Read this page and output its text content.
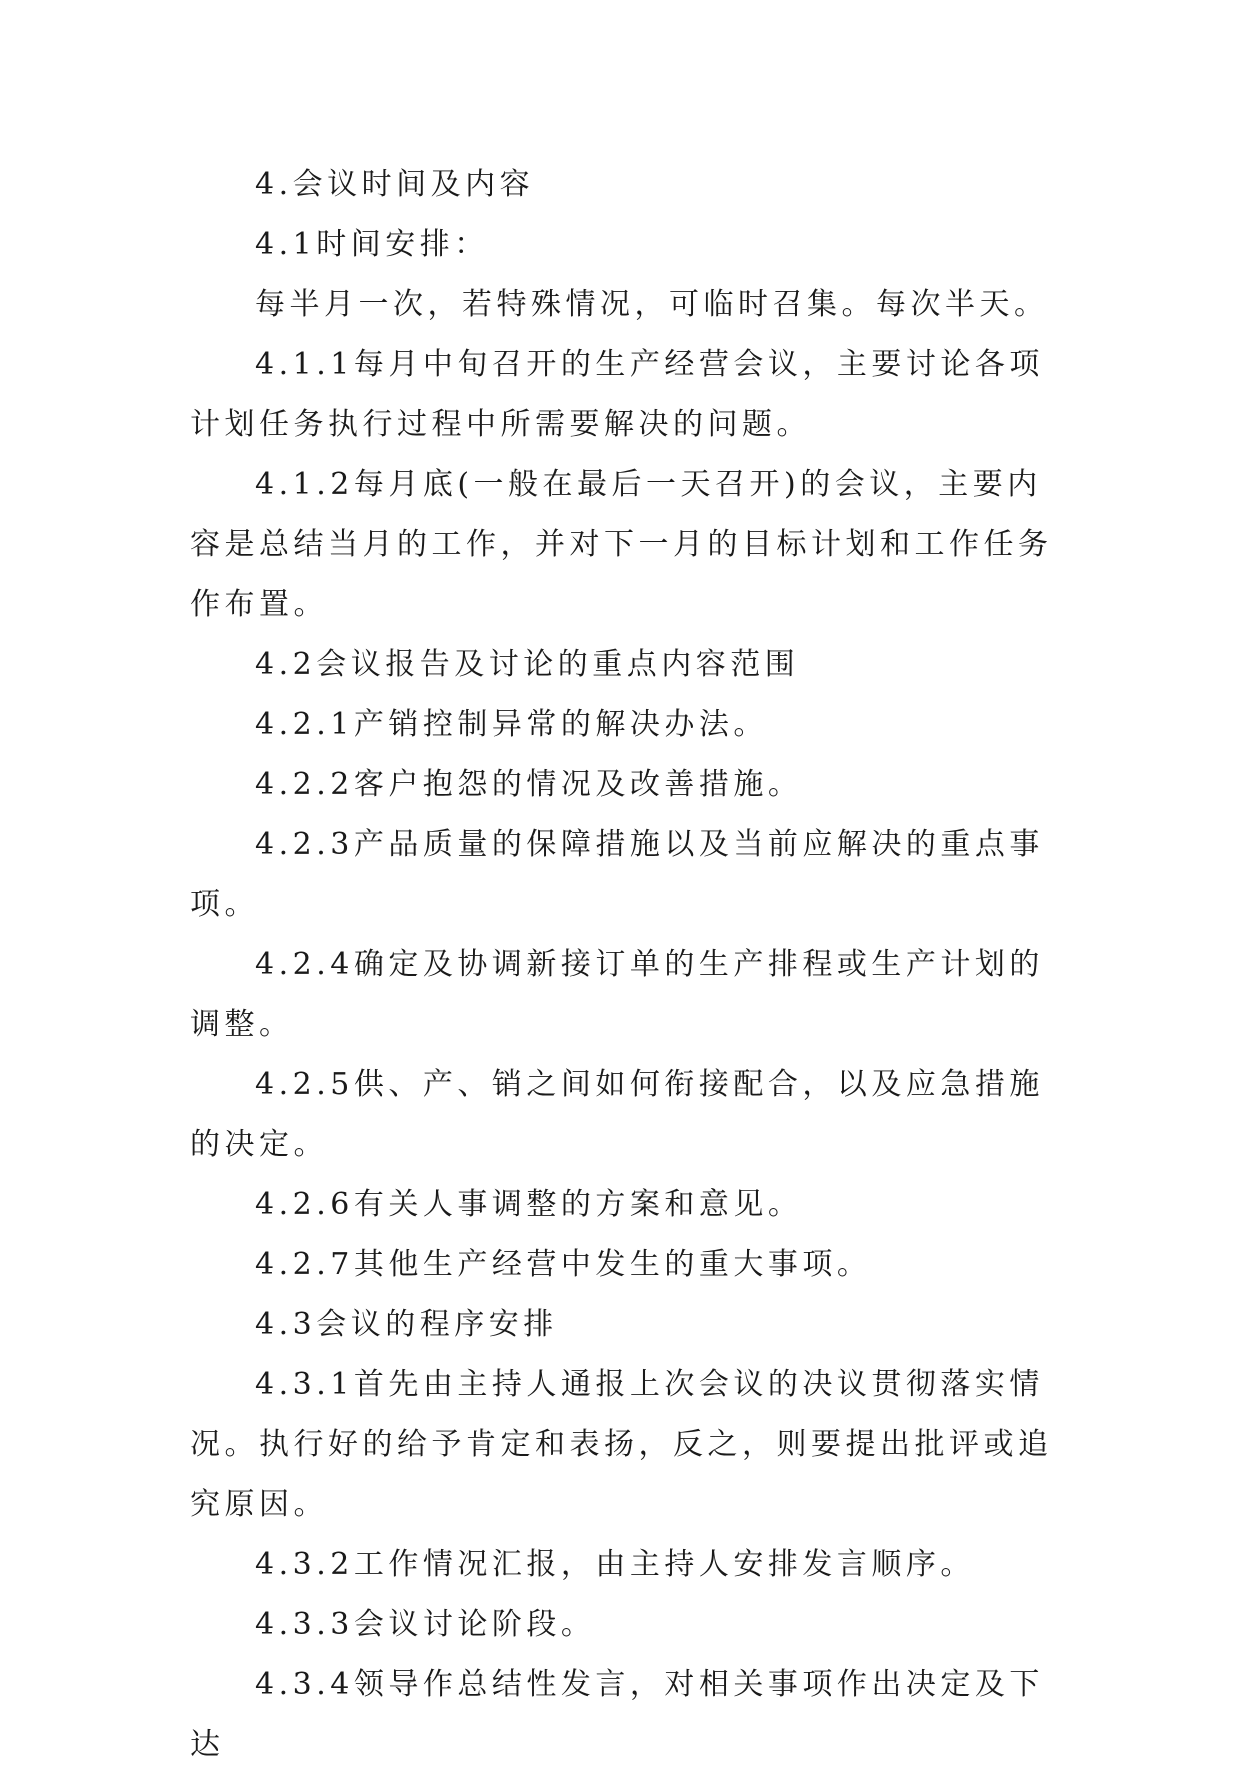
4.会议时间及内容

4.1时间安排：

每半月一次，若特殊情况，可临时召集。每次半天。

4.1.1每月中旬召开的生产经营会议，主要讨论各项计划任务执行过程中所需要解决的问题。

4.1.2每月底(一般在最后一天召开)的会议，主要内容是总结当月的工作，并对下一月的目标计划和工作任务作布置。

4.2会议报告及讨论的重点内容范围

4.2.1产销控制异常的解决办法。

4.2.2客户抱怨的情况及改善措施。

4.2.3产品质量的保障措施以及当前应解决的重点事项。

4.2.4确定及协调新接订单的生产排程或生产计划的调整。

4.2.5供、产、销之间如何衔接配合，以及应急措施的决定。

4.2.6有关人事调整的方案和意见。

4.2.7其他生产经营中发生的重大事项。

4.3会议的程序安排

4.3.1首先由主持人通报上次会议的决议贯彻落实情况。执行好的给予肯定和表扬，反之，则要提出批评或追究原因。

4.3.2工作情况汇报，由主持人安排发言顺序。

4.3.3会议讨论阶段。

4.3.4领导作总结性发言，对相关事项作出决定及下达
